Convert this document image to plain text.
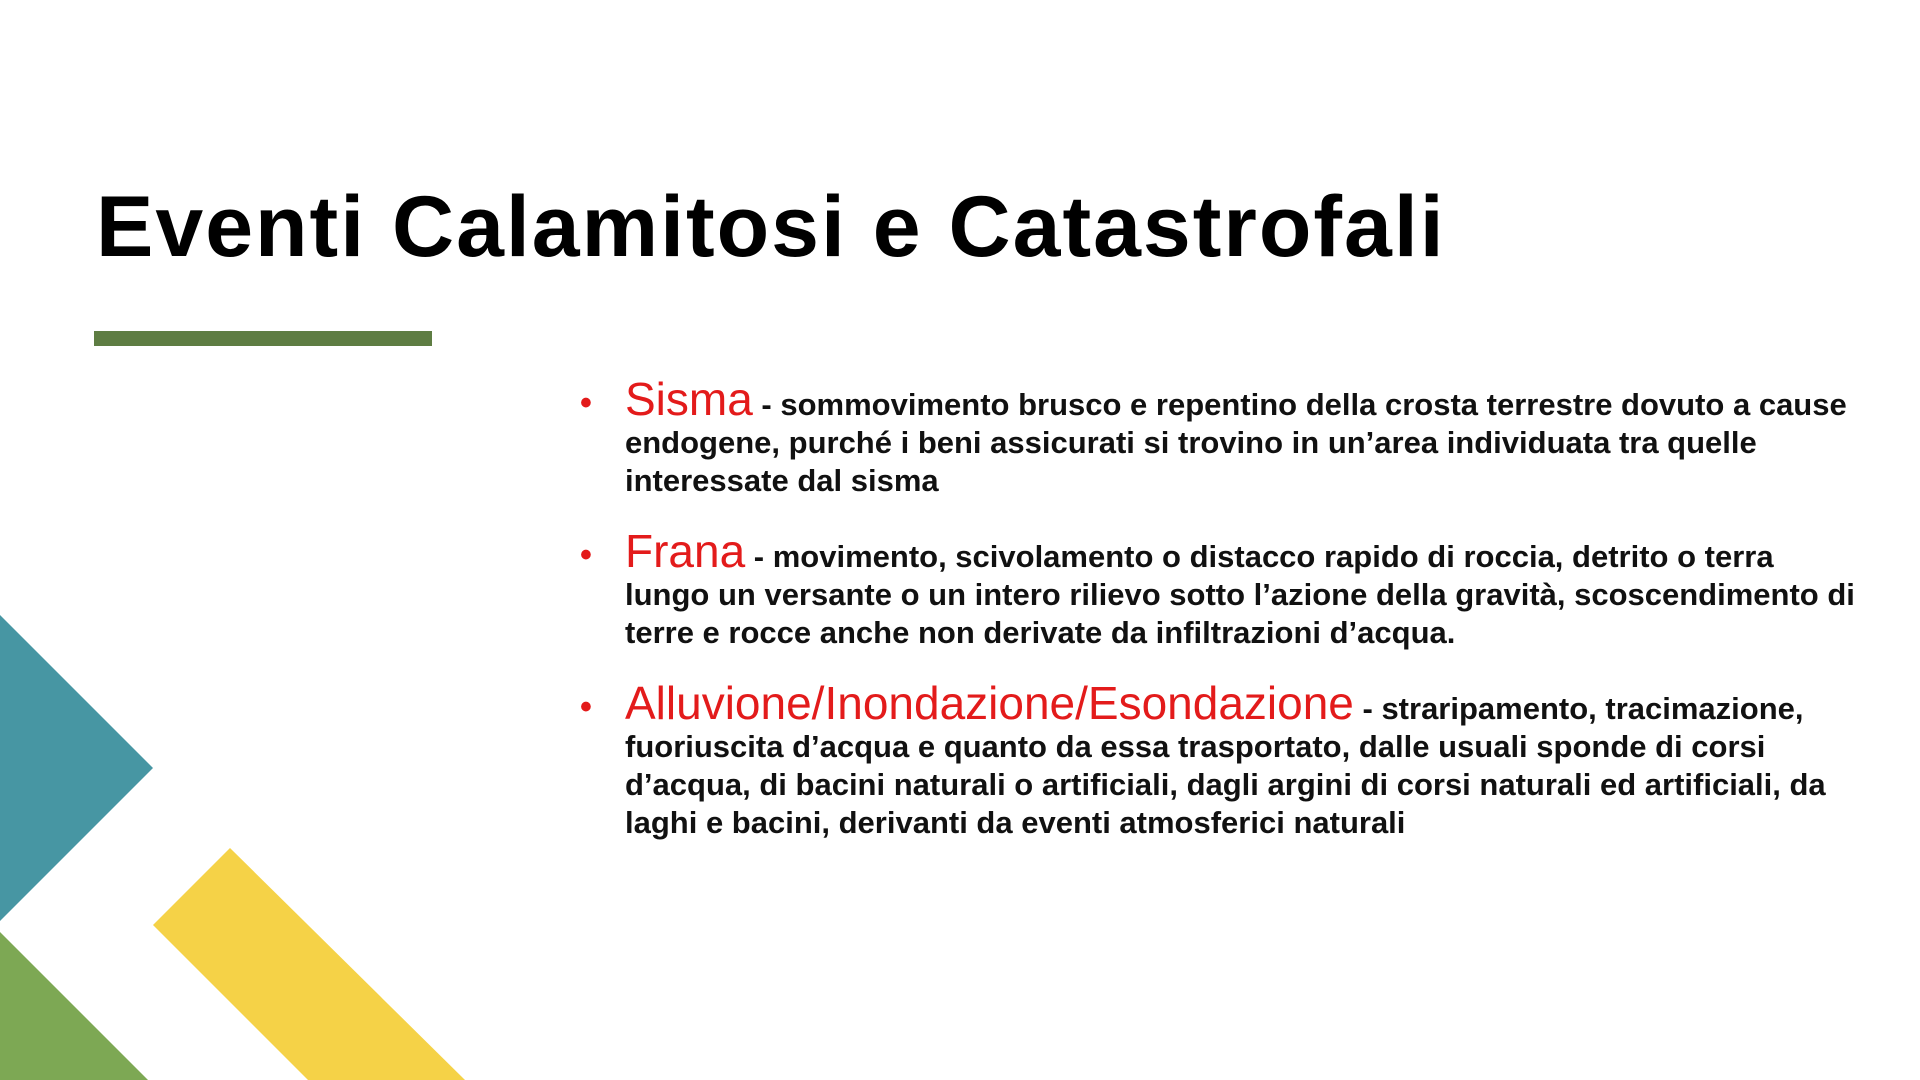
Eventi Calamitosi e Catastrofali
• Sisma - sommovimento brusco e repentino della crosta terrestre dovuto a cause endogene, purché i beni assicurati si trovino in un’area individuata tra quelle interessate dal sisma
• Frana - movimento, scivolamento o distacco rapido di roccia, detrito o terra lungo un versante o un intero rilievo sotto l’azione della gravità, scoscendimento di terre e rocce anche non derivate da infiltrazioni d’acqua.
• Alluvione/Inondazione/Esondazione - straripamento, tracimazione, fuoriuscita d’acqua e quanto da essa trasportato, dalle usuali sponde di corsi d’acqua, di bacini naturali o artificiali, dagli argini di corsi naturali ed artificiali, da laghi e bacini, derivanti da eventi atmosferici naturali
